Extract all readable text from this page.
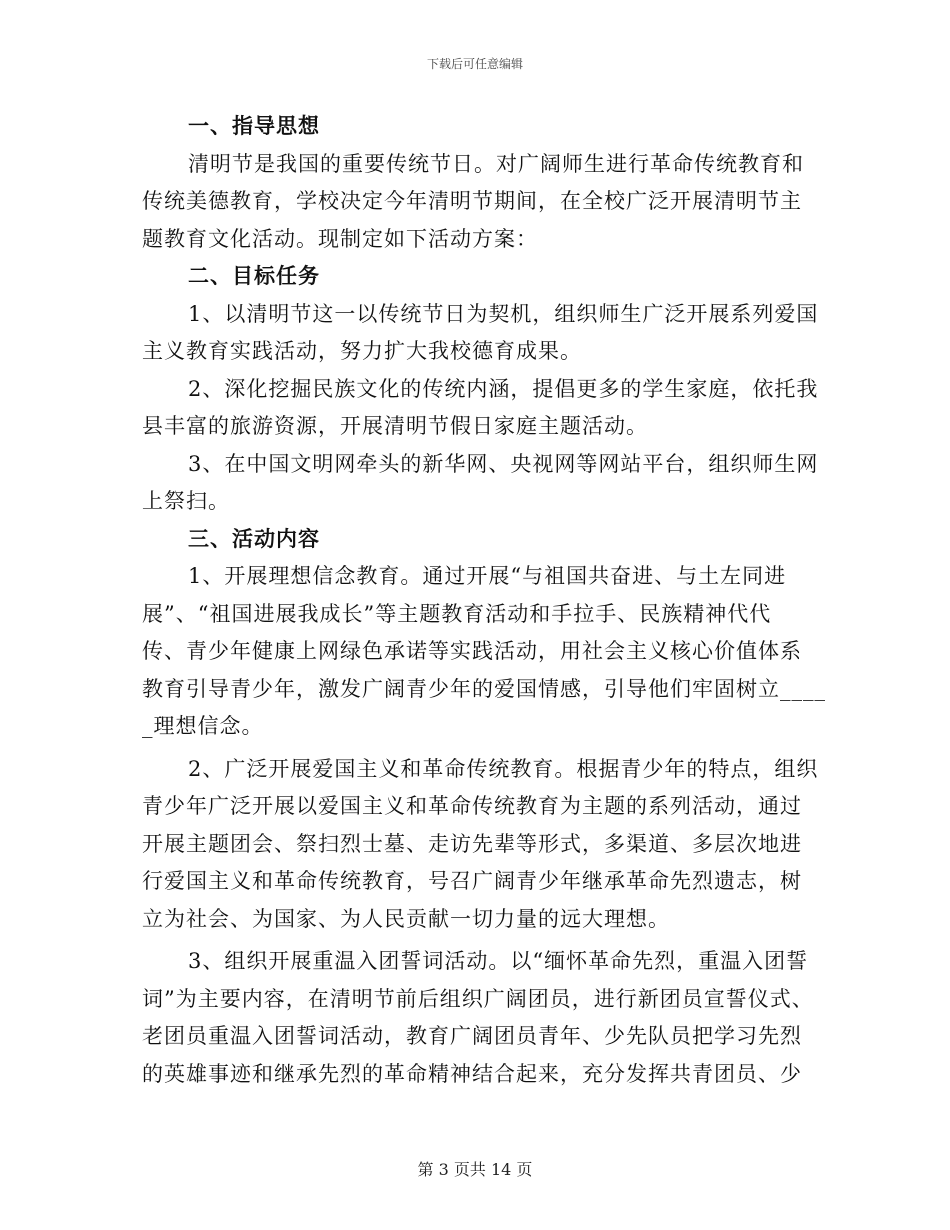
下载后可任意编辑
一、指导思想
清明节是我国的重要传统节日。对广阔师生进行革命传统教育和
传统美德教育，学校决定今年清明节期间，在全校广泛开展清明节主
题教育文化活动。现制定如下活动方案：
二、目标任务
1、以清明节这一以传统节日为契机，组织师生广泛开展系列爱国
主义教育实践活动，努力扩大我校德育成果。
2、深化挖掘民族文化的传统内涵，提倡更多的学生家庭，依托我
县丰富的旅游资源，开展清明节假日家庭主题活动。
3、在中国文明网牵头的新华网、央视网等网站平台，组织师生网
上祭扫。
三、活动内容
1、开展理想信念教育。通过开展“与祖国共奋进、与土左同进
展”、“祖国进展我成长”等主题教育活动和手拉手、民族精神代代
传、青少年健康上网绿色承诺等实践活动，用社会主义核心价值体系
教育引导青少年，激发广阔青少年的爱国情感，引导他们牢固树立____
_理想信念。
2、广泛开展爱国主义和革命传统教育。根据青少年的特点，组织
青少年广泛开展以爱国主义和革命传统教育为主题的系列活动，通过
开展主题团会、祭扫烈士墓、走访先辈等形式，多渠道、多层次地进
行爱国主义和革命传统教育，号召广阔青少年继承革命先烈遗志，树
立为社会、为国家、为人民贡献一切力量的远大理想。
3、组织开展重温入团誓词活动。以“缅怀革命先烈，重温入团誓
词”为主要内容，在清明节前后组织广阔团员，进行新团员宣誓仪式、
老团员重温入团誓词活动，教育广阔团员青年、少先队员把学习先烈
的英雄事迹和继承先烈的革命精神结合起来，充分发挥共青团员、少
第 3 页共 14 页
